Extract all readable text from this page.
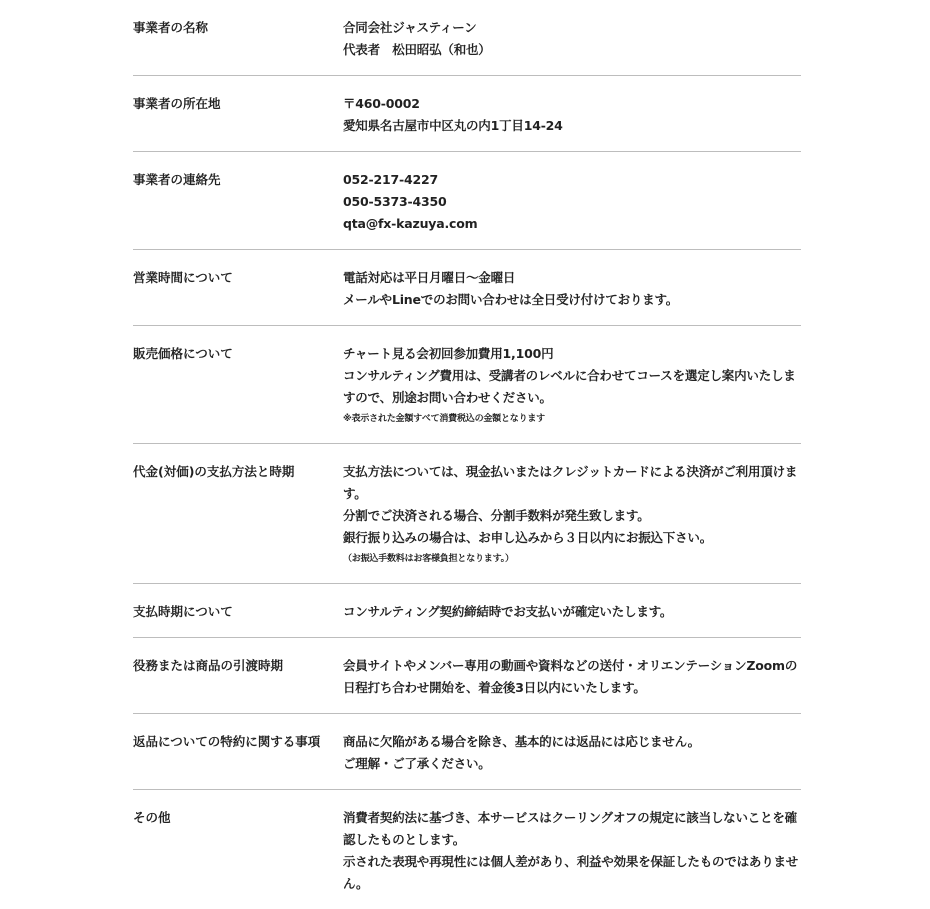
事業者の名称	合同会社ジャスティーン
代表者　松田昭弘（和也）
事業者の所在地	〒460-0002
愛知県名古屋市中区丸の内1丁目14-24
事業者の連絡先	052-217-4227
050-5373-4350
qta@fx-kazuya.com
営業時間について	電話対応は平日月曜日～金曜日
メールやLineでのお問い合わせは全日受け付けております。
販売価格について	チャート見る会初回参加費用1,100円
コンサルティング費用は、受講者のレベルに合わせてコースを選定し案内いたしますので、別途お問い合わせください。
※表示された金額すべて消費税込の金額となります
代金(対価)の支払方法と時期	支払方法については、現金払いまたはクレジットカードによる決済がご利用頂けます。
分割でご決済される場合、分割手数料が発生致します。
銀行振り込みの場合は、お申し込みから３日以内にお振込下さい。
（お振込手数料はお客様負担となります。）
支払時期について	コンサルティング契約締結時でお支払いが確定いたします。
役務または商品の引渡時期	会員サイトやメンバー専用の動画や資料などの送付・オリエンテーションZoomの日程打ち合わせ開始を、着金後3日以内にいたします。
返品についての特約に関する事項	商品に欠陥がある場合を除き、基本的には返品には応じません。
ご理解・ご了承ください。
その他	消費者契約法に基づき、本サービスはクーリングオフの規定に該当しないことを確認したものとします。
示された表現や再現性には個人差があり、利益や効果を保証したものではありません。
